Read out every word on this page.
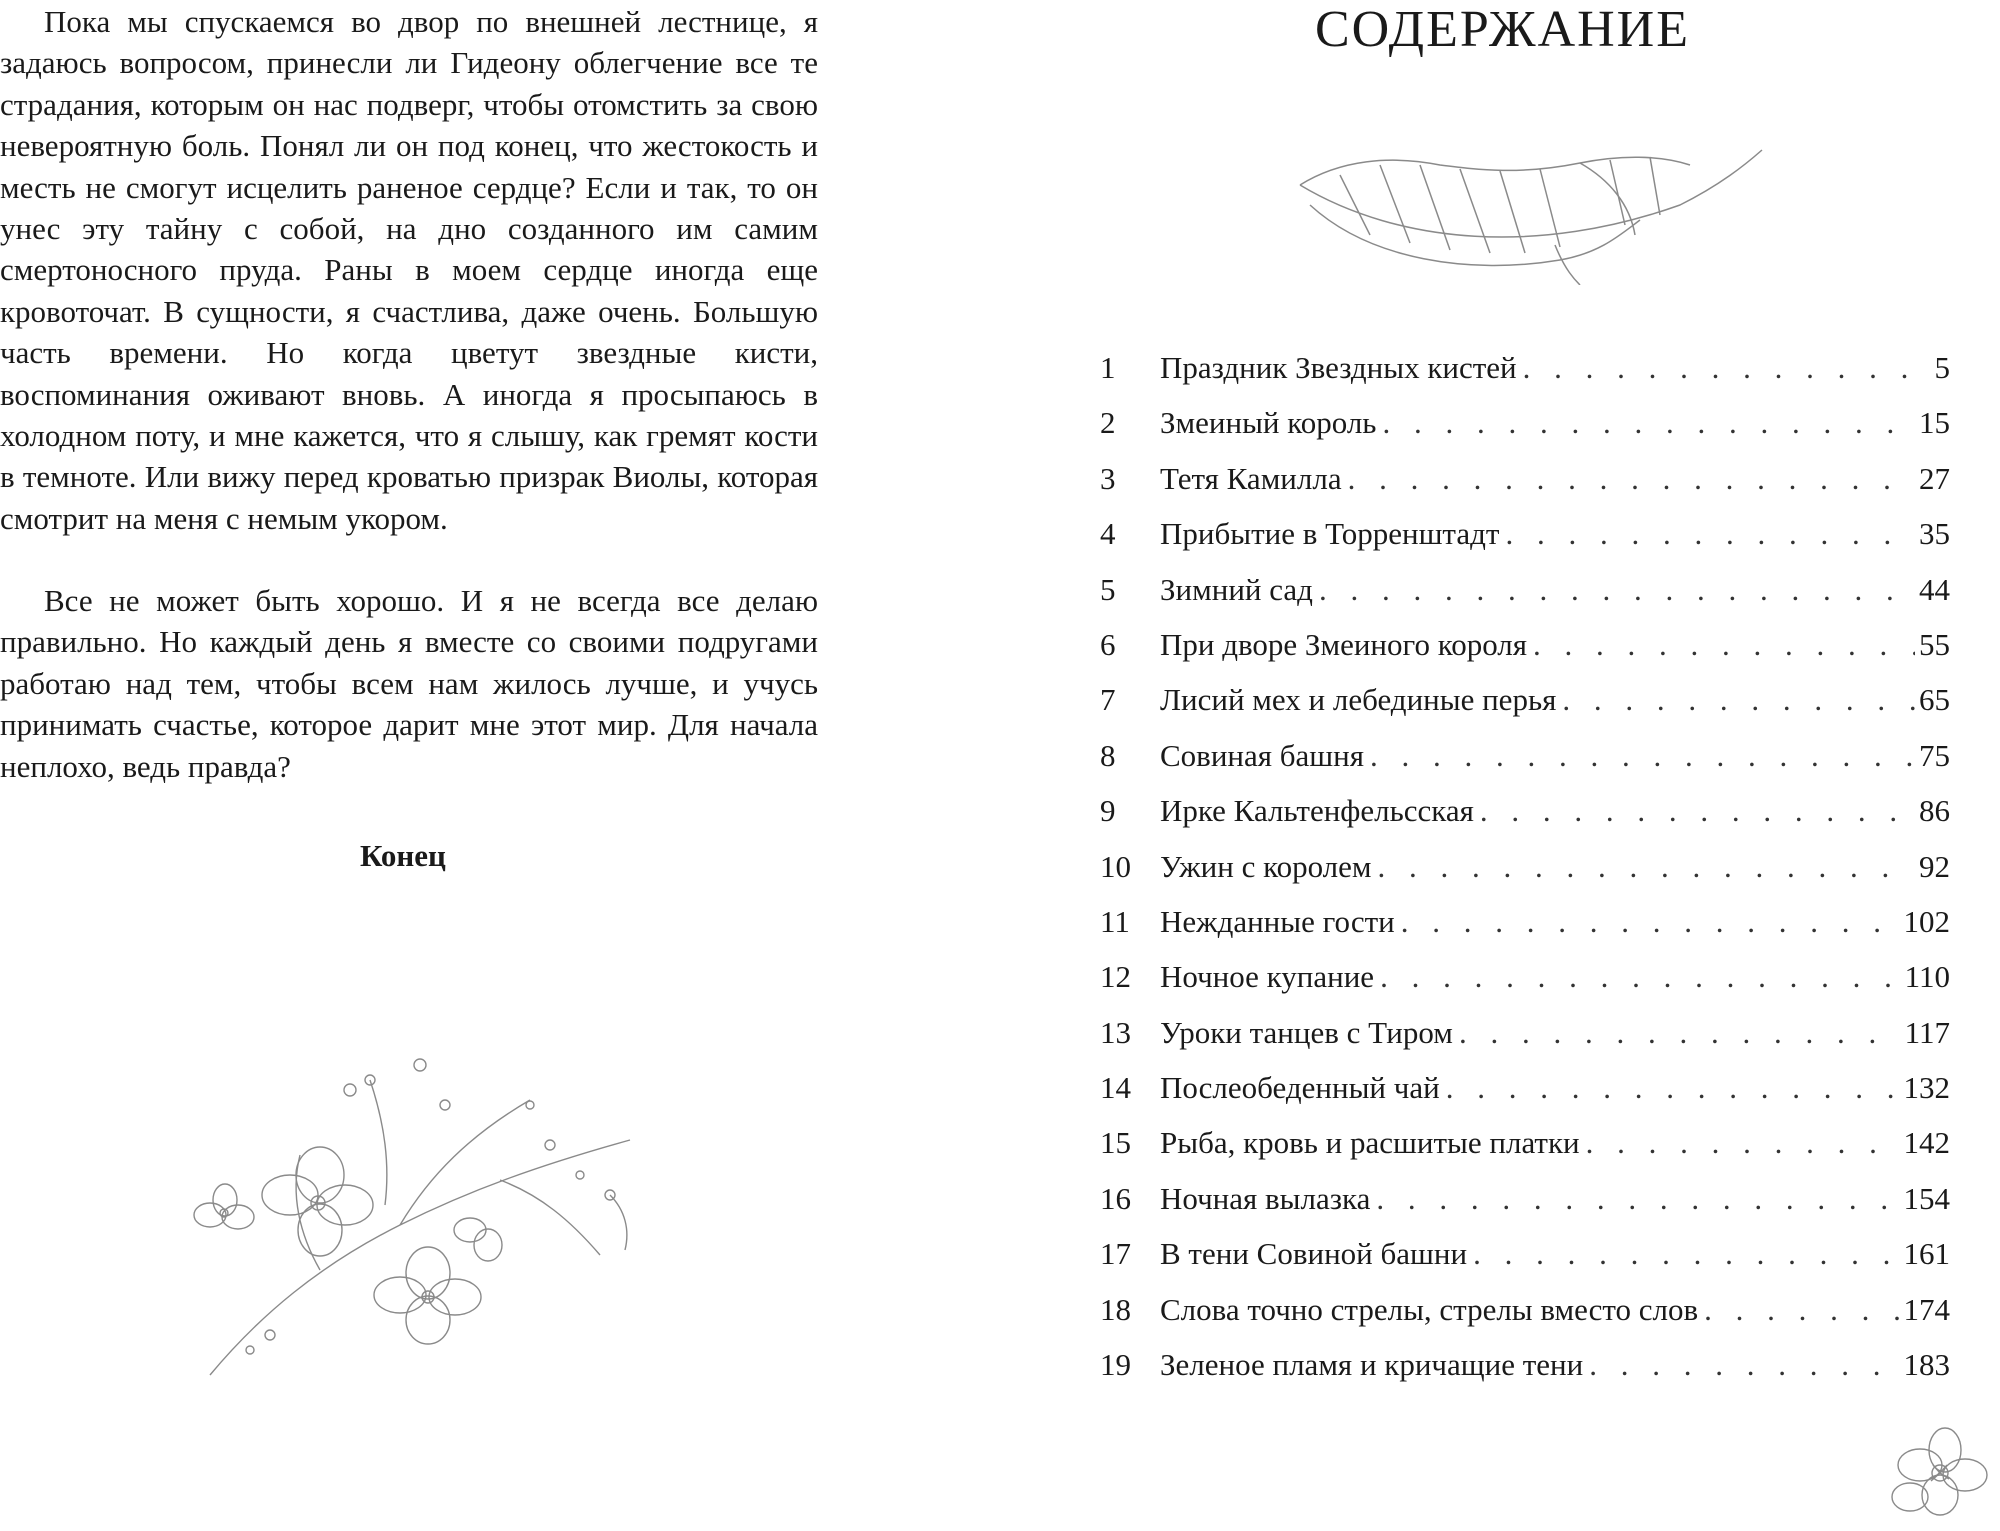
Пока мы спускаемся во двор по внешней лестнице, я задаюсь вопросом, принесли ли Гидеону облегчение все те страдания, которым он нас подверг, чтобы отомстить за свою невероятную боль. Понял ли он под конец, что жестокость и месть не смогут исцелить раненое сердце? Если и так, то он унес эту тайну с собой, на дно созданного им самим смертоносного пруда. Раны в моем сердце иногда еще кровоточат. В сущности, я счастлива, даже очень. Большую часть времени. Но когда цветут звездные кисти, воспоминания оживают вновь. А иногда я просыпаюсь в холодном поту, и мне кажется, что я слышу, как гремят кости в темноте. Или вижу перед кроватью призрак Виолы, которая смотрит на меня с немым укором.

Все не может быть хорошо. И я не всегда все делаю правильно. Но каждый день я вместе со своими подругами работаю над тем, чтобы всем нам жилось лучше, и учусь принимать счастье, которое дарит мне этот мир. Для начала неплохо, ведь правда?

Конец

СОДЕРЖАНИЕ
1	Праздник Звездных кистей . . .	5
2	Змеиный король . . .	15
3	Тетя Камилла . . .	27
4	Прибытие в Торренштадт . . .	35
5	Зимний сад . . .	44
6	При дворе Змеиного короля . . .	55
7	Лисий мех и лебединые перья . . .	65
8	Совиная башня . . .	75
9	Ирке Кальтенфельсская . . .	86
10 Ужин с королем . . .	92
11 Нежданные гости . . .	102
12 Ночное купание . . .	110
13 Уроки танцев с Тиром . . .	117
14 Послеобеденный чай . . .	132
15 Рыба, кровь и расшитые платки . . .	142
16 Ночная вылазка . . .	154
17 В тени Совиной башни . . .	161
18 Слова точно стрелы, стрелы вместо слов . . .	174
19 Зеленое пламя и кричащие тени . . .	183
